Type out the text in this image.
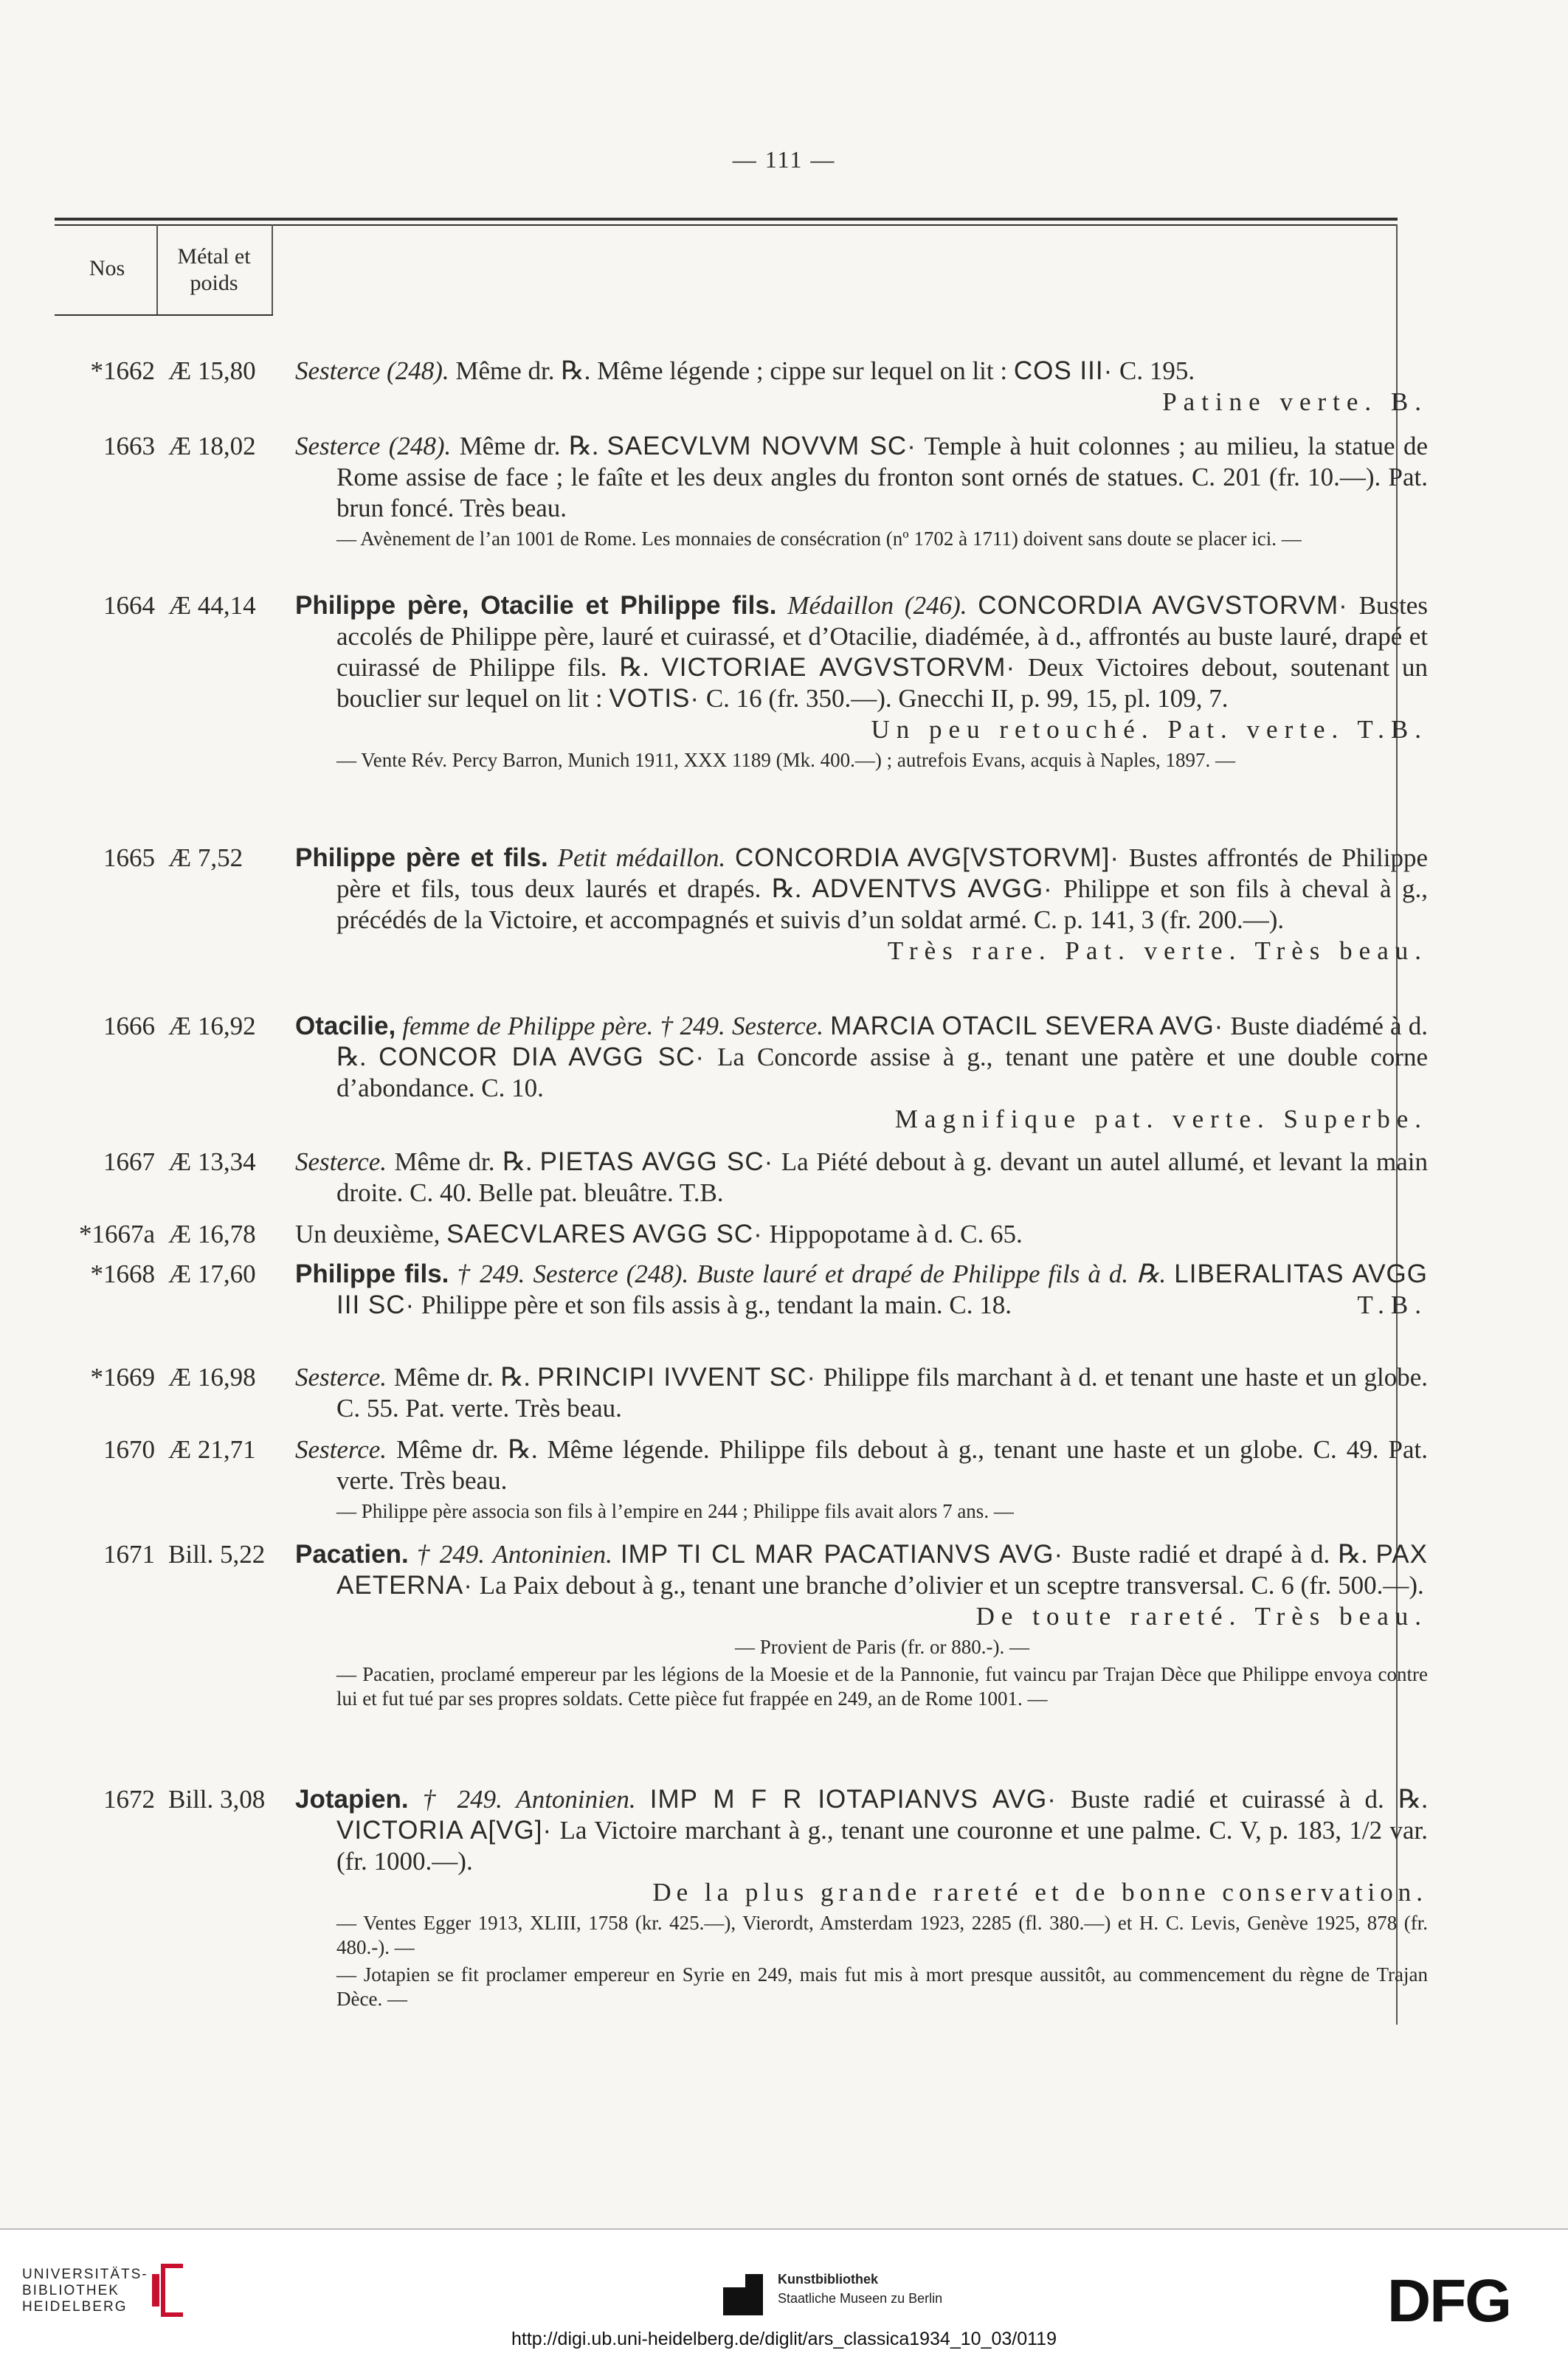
— 111 —
Nos	Métal et
poids
*1662 Æ 15,80	Sesterce (248). Même dr. ℞. Même légende ; cippe sur lequel on lit : COS III· C. 195.

Patine verte. B.
1663 Æ 18,02	Sesterce (248). Même dr. ℞. SAECVLVM NOVVM SC· Temple à huit colonnes ; au milieu, la statue de Rome assise de face ; le faîte et les deux angles du fronton sont ornés de statues. C. 201 (fr. 10.—). Pat. brun foncé. Très beau.

— Avènement de l’an 1001 de Rome. Les monnaies de consécration (nº 1702 à 1711) doivent sans doute se placer ici. —
1664 Æ 44,14	Philippe père, Otacilie et Philippe fils. Médaillon (246). CONCORDIA AVGVSTORVM· Bustes accolés de Philippe père, lauré et cuirassé, et d’Otacilie, diadémée, à d., affrontés au buste lauré, drapé et cuirassé de Philippe fils. ℞. VICTORIAE AVGVSTORVM· Deux Victoires debout, soutenant un bouclier sur lequel on lit : VOTIS· C. 16 (fr. 350.—). Gnecchi II, p. 99, 15, pl. 109, 7.

Un peu retouché. Pat. verte. T.B.
— Vente Rév. Percy Barron, Munich 1911, XXX 1189 (Mk. 400.—) ; autrefois Evans, acquis à Naples, 1897. —
1665 Æ 7,52	Philippe père et fils. Petit médaillon. CONCORDIA AVG[VSTORVM]· Bustes affrontés de Philippe père et fils, tous deux laurés et drapés. ℞. ADVENTVS AVGG· Philippe et son fils à cheval à g., précédés de la Victoire, et accompagnés et suivis d’un soldat armé. C. p. 141, 3 (fr. 200.—).

Très rare. Pat. verte. Très beau.
1666 Æ 16,92	Otacilie, femme de Philippe père. † 249. Sesterce. MARCIA OTACIL SEVERA AVG· Buste diadémé à d. ℞. CONCOR DIA AVGG SC· La Concorde assise à g., tenant une patère et une double corne d’abondance. C. 10.

Magnifique pat. verte. Superbe.
1667 Æ 13,34	Sesterce. Même dr. ℞. PIETAS AVGG SC· La Piété debout à g. devant un autel allumé, et levant la main droite. C. 40. Belle pat. bleuâtre. T.B.

*1667a Æ 16,78	Un deuxième, SAECVLARES AVGG SC· Hippopotame à d. C. 65.

*1668 Æ 17,60	Philippe fils. † 249. Sesterce (248). Buste lauré et drapé de Philippe fils à d. ℞. LIBERALITAS AVGG III SC· Philippe père et son fils assis à g., tendant la main. C. 18.	T.B.
*1669 Æ 16,98	Sesterce. Même dr. ℞. PRINCIPI IVVENT SC· Philippe fils marchant à d. et tenant une haste et un globe. C. 55. Pat. verte. Très beau.

1670 Æ 21,71	Sesterce. Même dr. ℞. Même légende. Philippe fils debout à g., tenant une haste et un globe. C. 49. Pat. verte. Très beau.

— Philippe père associa son fils à l’empire en 244 ; Philippe fils avait alors 7 ans. —
1671 Bill. 5,22	Pacatien. † 249. Antoninien. IMP TI CL MAR PACATIANVS AVG· Buste radié et drapé à d. ℞. PAX AETERNA· La Paix debout à g., tenant une branche d’olivier et un sceptre transversal. C. 6 (fr. 500.—).

De toute rareté. Très beau.
— Provient de Paris (fr. or 880.-). —
— Pacatien, proclamé empereur par les légions de la Moesie et de la Pannonie, fut vaincu par Trajan Dèce que Philippe envoya contre lui et fut tué par ses propres soldats. Cette pièce fut frappée en 249, an de Rome 1001. —
1672 Bill. 3,08	Jotapien. † 249. Antoninien. IMP M F R IOTAPIANVS AVG· Buste radié et cuirassé à d. ℞. VICTORIA A[VG]· La Victoire marchant à g., tenant une couronne et une palme. C. V, p. 183, 1/2 var. (fr. 1000.—).

De la plus grande rareté et de bonne conservation.
— Ventes Egger 1913, XLIII, 1758 (kr. 425.—), Vierordt, Amsterdam 1923, 2285 (fl. 380.—) et H. C. Levis, Genève 1925, 878 (fr. 480.-). —
— Jotapien se fit proclamer empereur en Syrie en 249, mais fut mis à mort presque aussitôt, au commencement du règne de Trajan Dèce. —
UNIVERSITÄTS-
BIBLIOTHEK
HEIDELBERG
Kunstbibliothek
Staatliche Museen zu Berlin	DFG
http://digi.ub.uni-heidelberg.de/diglit/ars_classica1934_10_03/0119
